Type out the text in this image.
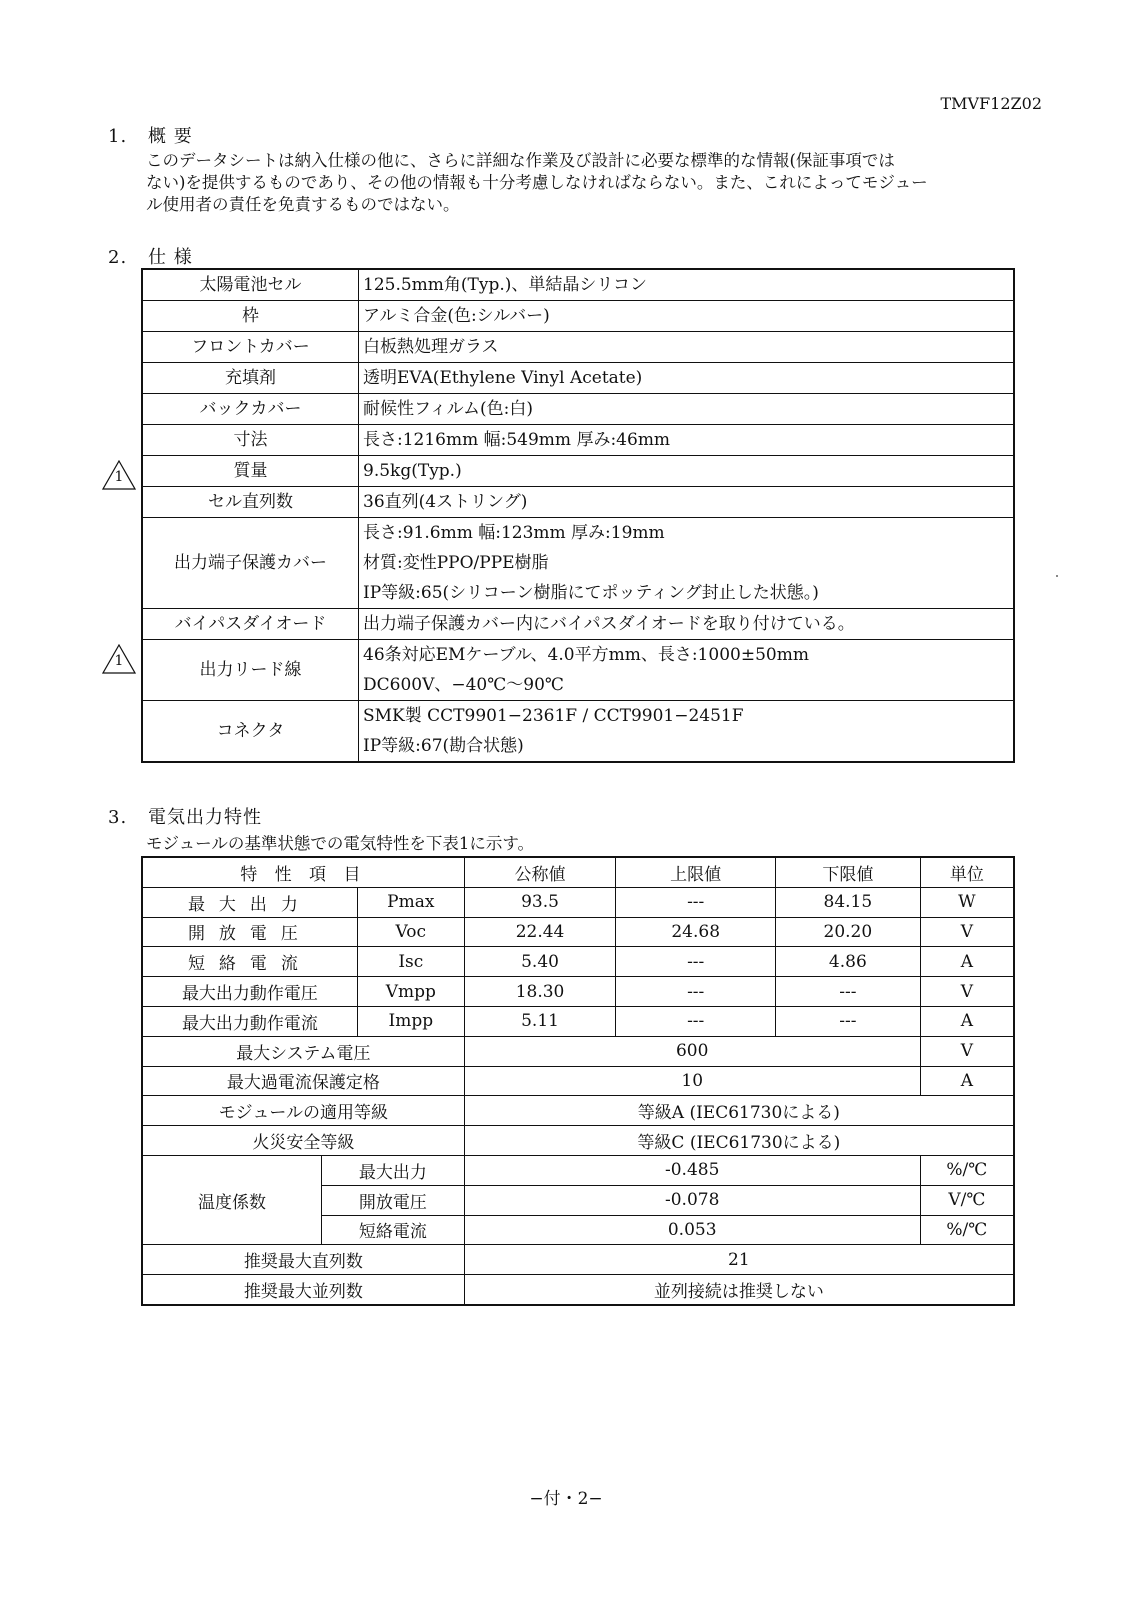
TMVF12Z02
1. 概 要
このデータシートは納入仕様の他に、さらに詳細な作業及び設計に必要な標準的な情報(保証事項では
ない)を提供するものであり、その他の情報も十分考慮しなければならない。また、これによってモジュー
ル使用者の責任を免責するものではない。
2. 仕 様
太陽電池セル	125.5mm角(Typ.)、単結晶シリコン
枠	アルミ合金(色:シルバー)
フロントカバー	白板熱処理ガラス
充填剤	透明EVA(Ethylene Vinyl Acetate)
バックカバー	耐候性フィルム(色:白)
寸法	長さ:1216mm 幅:549mm 厚み:46mm
質量	9.5kg(Typ.)
セル直列数	36直列(4ストリング)
出力端子保護カバー	長さ:91.6mm 幅:123mm 厚み:19mm
材質:変性PPO/PPE樹脂
IP等級:65(シリコーン樹脂にてポッティング封止した状態。)

バイパスダイオード	出力端子保護カバー内にバイパスダイオードを取り付けている。
出力リード線	46条対応EMケーブル、4.0平方mm、長さ:1000±50mm
DC600V、−40℃〜90℃

コネクタ	SMK製 CCT9901−2361F / CCT9901−2451F
IP等級:67(勘合状態)
1
1
3. 電気出力特性
モジュールの基準状態での電気特性を下表1に示す。
特 性 項 目			公称値	上限値	下限値	単位
最大出力		Pmax	93.5	---	84.15	W
開放電圧		Voc	22.44	24.68	20.20	V
短絡電流		Isc	5.40	---	4.86	A
最大出力動作電圧		Vmpp	18.30	---	---	V
最大出力動作電流		Impp	5.11	---	---	A
最大システム電圧			600			V
最大過電流保護定格			10			A
モジュールの適用等級			等級A (IEC61730による)			
火災安全等級			等級C (IEC61730による)			
温度係数	最大出力		-0.485			%/℃
	開放電圧		-0.078			V/℃
	短絡電流		0.053			%/℃
推奨最大直列数			21			
推奨最大並列数			並列接続は推奨しない			
−付・2−
